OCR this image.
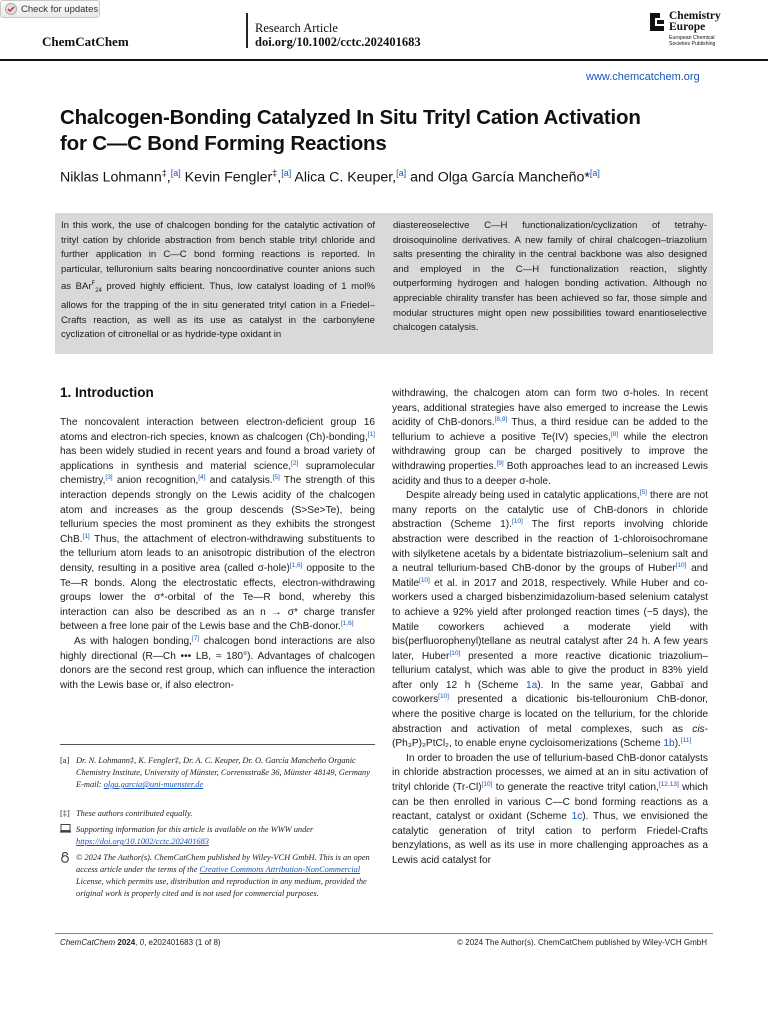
Check for updates
ChemCatChem
Research Article
doi.org/10.1002/cctc.202401683
Chemistry
Europe
European Chemical
Societies Publishing
www.chemcatchem.org
Chalcogen-Bonding Catalyzed In Situ Trityl Cation Activation
for C—C Bond Forming Reactions
Niklas Lohmann‡,[a] Kevin Fengler‡,[a] Alica C. Keuper,[a] and Olga García Mancheño*[a]
In this work, the use of chalcogen bonding for the catalytic activation of trityl cation by chloride abstraction from bench stable trityl chloride and further application in C—C bond forming reactions is reported. In particular, telluronium salts bearing noncoordinative counter anions such as BAr$^F_{24}$ proved highly efficient. Thus, low catalyst loading of 1 mol% allows for the trapping of the in situ generated trityl cation in a Friedel–Crafts reaction, as well as its use as catalyst in the carbonylene cyclization of citronellal or as hydride-type oxidant in
diastereoselective C—H functionalization/cyclization of tetrahydroisoquinoline derivatives. A new family of chiral chalcogen–triazolium salts presenting the chirality in the central backbone was also designed and employed in the C—H functionalization reaction, slightly outperforming hydrogen and halogen bonding activation. Although no appreciable chirality transfer has been achieved so far, those simple and modular structures might open new possibilities toward enantioselective chalcogen catalysis.
1. Introduction

The noncovalent interaction between electron-deficient group 16 atoms and electron-rich species, known as chalcogen (Ch)-bonding,[1] has been widely studied in recent years and found a broad variety of applications in synthesis and material science,[2] supramolecular chemistry,[3] anion recognition,[4] and catalysis.[5] The strength of this interaction depends strongly on the Lewis acidity of the chalcogen atom and increases as the group descends (S>Se>Te), being tellurium species the most prominent as they exhibits the strongest ChB.[1] Thus, the attachment of electron-withdrawing substituents to the tellurium atom leads to an anisotropic distribution of the electron density, resulting in a positive area (called σ-hole)[1,6] opposite to the Te—R bonds. Along the electrostatic effects, electron-withdrawing groups lower the σ*-orbital of the Te—R bond, whereby this interaction can also be described as an n → σ* charge transfer between a free lone pair of the Lewis base and the ChB-donor.[1,6]

As with halogen bonding,[7] chalcogen bond interactions are also highly directional (R—Ch ••• LB, ≈ 180°). Advantages of chalcogen donors are the second rest group, which can influence the interaction with the Lewis base or, if also electron-

withdrawing, the chalcogen atom can form two σ-holes. In recent years, additional strategies have also emerged to increase the Lewis acidity of ChB-donors.[8,9] Thus, a third residue can be added to the tellurium to achieve a positive Te(IV) species,[8] while the electron withdrawing group can be charged positively to improve the withdrawing properties.[9] Both approaches lead to an increased Lewis acidity and thus to a deeper σ-hole.

Despite already being used in catalytic applications,[5] there are not many reports on the catalytic use of ChB-donors in chloride abstraction (Scheme 1).[10] The first reports involving chloride abstraction were described in the reaction of 1-chloroisochromane with silylketene acetals by a bidentate bistriazolium–selenium salt and a neutral tellurium-based ChB-donor by the groups of Huber[10] and Matile[10] et al. in 2017 and 2018, respectively. While Huber and co-workers used a charged bisbenzimidazolium-based selenium catalyst to achieve a 92% yield after prolonged reaction times (~5 days), the Matile coworkers achieved a moderate yield with bis(perfluorophenyl)tellane as neutral catalyst after 24 h. A few years later, Huber[10] presented a more reactive dicationic triazolium–tellurium catalyst, which was able to give the product in 83% yield after only 12 h (Scheme 1a). In the same year, Gabbaï and coworkers[10] presented a dicationic bis-tellouronium ChB-donor, where the positive charge is located on the tellurium, for the chloride abstraction and activation of metal complexes, such as cis-(Ph₃P)₂PtCl₂, to enable enyne cycloisomerizations (Scheme 1b).[11]

In order to broaden the use of tellurium-based ChB-donor catalysts in chloride abstraction processes, we aimed at an in situ activation of trityl chloride (Tr-Cl)[10] to generate the reactive trityl cation,[12,13] which can be then enrolled in various C—C bond forming reactions as a reactant, catalyst or oxidant (Scheme 1c). Thus, we envisioned the catalytic generation of trityl cation to perform Friedel-Crafts benzylations, as well as its use in more challenging approaches as a Lewis acid catalyst for

[a] Dr. N. Lohmann‡, K. Fengler‡, Dr. A. C. Keuper, Dr. O. García Mancheño Organic Chemistry Institute, University of Münster, Corrensstraße 36, Münster 48149, Germany
E-mail: olga.garcia@uni-muenster.de
[‡] These authors contributed equally.
Supporting information for this article is available on the WWW under
https://doi.org/10.1002/cctc.202401683
© 2024 The Author(s). ChemCatChem published by Wiley-VCH GmbH. This is an open access article under the terms of the Creative Commons Attribution-NonCommercial License, which permits use, distribution and reproduction in any medium, provided the original work is properly cited and is not used for commercial purposes.
ChemCatChem 2024, 0, e202401683 (1 of 8)	© 2024 The Author(s). ChemCatChem published by Wiley-VCH GmbH
